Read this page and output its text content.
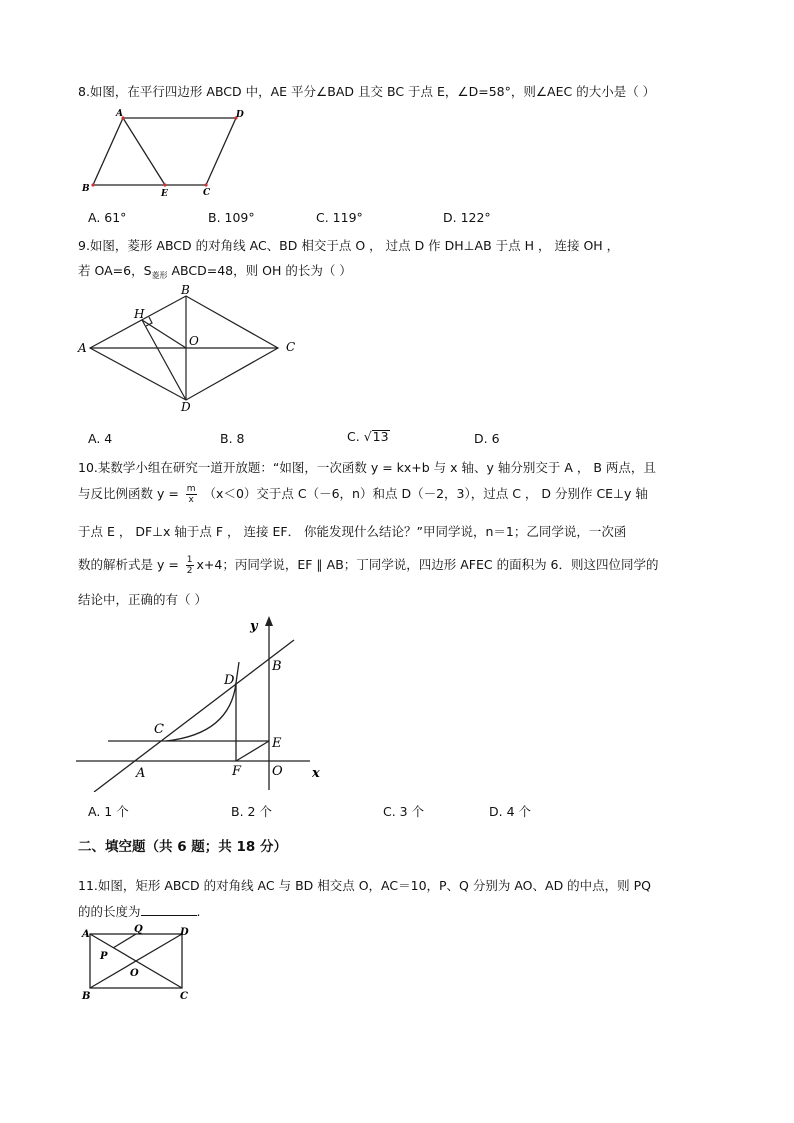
8.如图，在平行四边形 ABCD 中，AE 平分∠BAD 且交 BC 于点 E，∠D=58°，则∠AEC 的大小是（ ）
A	D
B	E	C
A. 61°	B. 109°	C. 119°	D. 122°
9.如图，菱形 ABCD 的对角线 AC、BD 相交于点 O ， 过点 D 作 DH⊥AB 于点 H ， 连接 OH ，
若 OA=6，$S_{菱形}$ ABCD=48，则 OH 的长为（ ）
A
B
C
D
H
O
A. 4	B. 8	C. √13	D. 6
10.某数学小组在研究一道开放题：“如图，一次函数 y = kx+b 与 x 轴、y 轴分别交于 A ， B 两点，且
与反比例函数 $y = \frac{m}{x} (x<0)$交于点 C（－6，n）和点 D（－2，3），过点 C ， D 分别作 CE⊥y 轴
于点 E ， DF⊥x 轴于点 F ， 连接 EF． 你能发现什么结论？”甲同学说，n＝1；乙同学说，一次函
数的解析式是 $y = \frac{1}{2} x+4$；丙同学说，EF ∥ AB；丁同学说，四边形 AFEC 的面积为 6．则这四位同学的
结论中，正确的有（ ）
y
x
A
B
C
D
E
F O
A. 1 个	B. 2 个	C. 3 个	D. 4 个
二、填空题（共 6 题；共 18 分）
11.如图，矩形 ABCD 的对角线 AC 与 BD 相交点 O，AC＝10，P、Q 分别为 AO、AD 的中点，则 PQ
的的长度为	.
A	Q	D
P
O
B	C
